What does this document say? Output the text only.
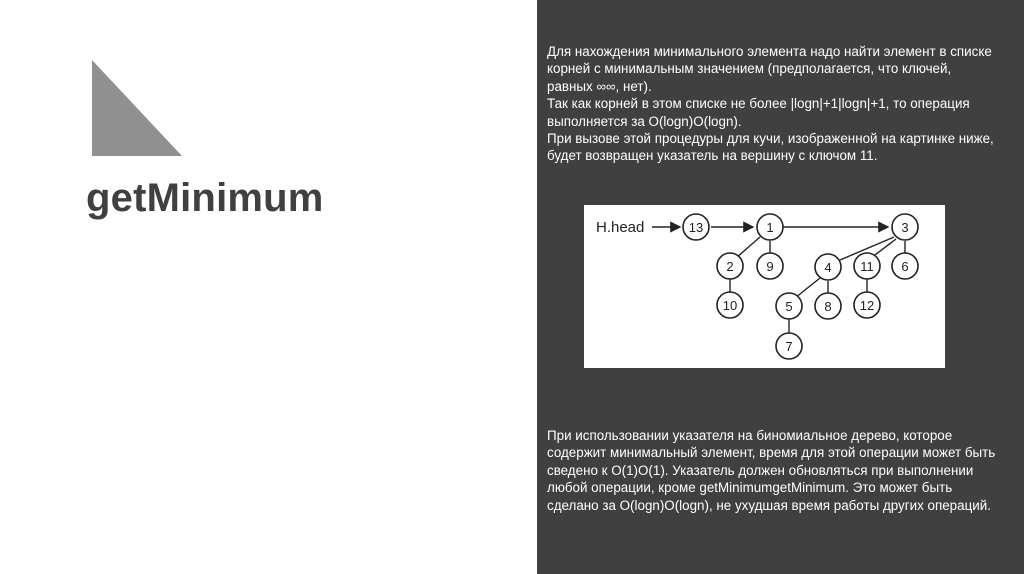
getMinimum

Для нахождения минимального элемента надо найти элемент в списке корней с минимальным значением (предполагается, что ключей, равных ∞∞, нет).
Так как корней в этом списке не более |logn|+1|logn|+1, то операция выполняется за O(logn)O(logn).
При вызове этой процедуры для кучи, изображенной на картинке ниже, будет возвращен указатель на вершину с ключом 11.

H.head	13	1	3
2	9
10
4 11 6
5 8 12
7

При использовании указателя на биномиальное дерево, которое содержит минимальный элемент, время для этой операции может быть сведено к O(1)O(1). Указатель должен обновляться при выполнении любой операции, кроме getMinimumgetMinimum. Это может быть сделано за O(logn)O(logn), не ухудшая время работы других операций.
